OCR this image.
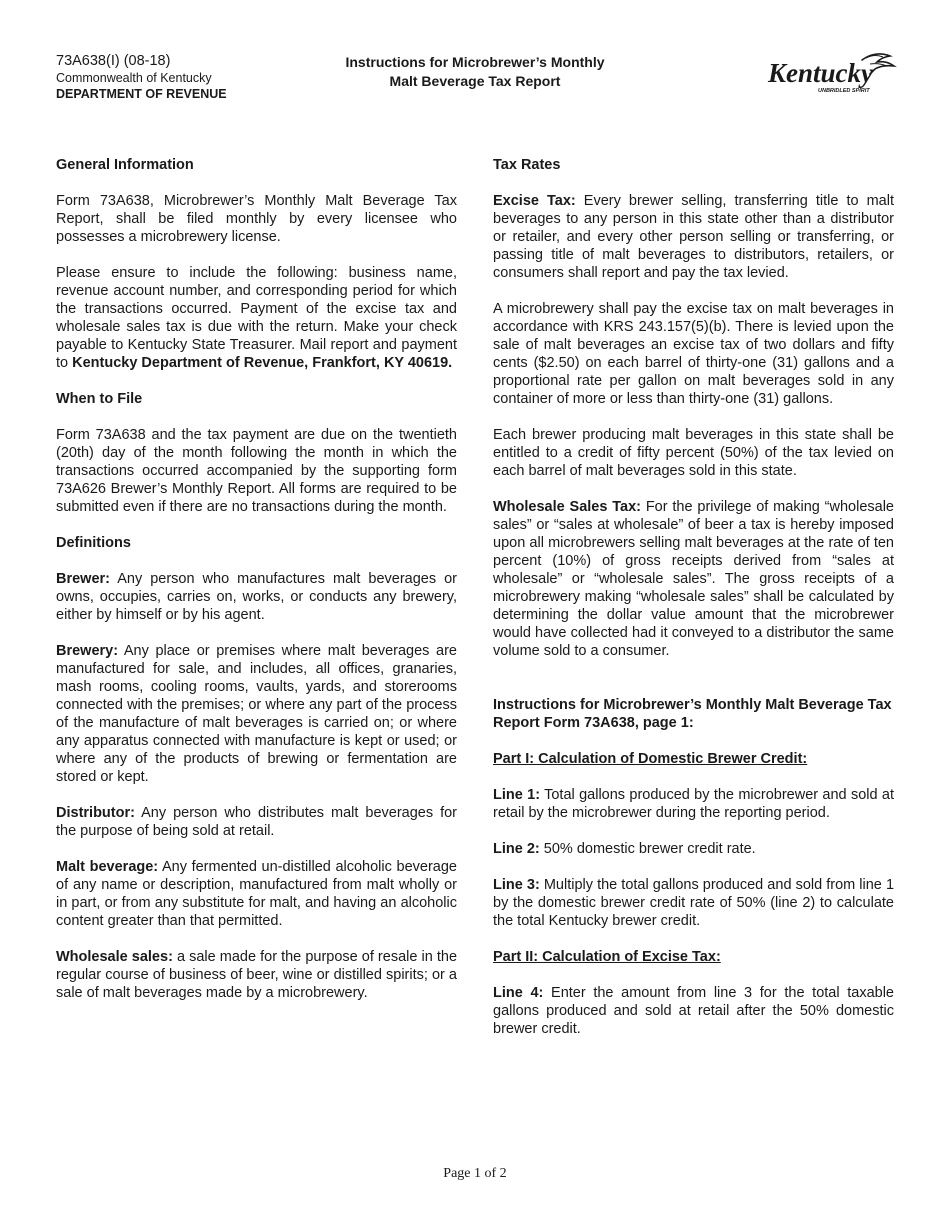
73A638(I) (08-18)
Commonwealth of Kentucky
DEPARTMENT OF REVENUE
Instructions for Microbrewer’s Monthly
Malt Beverage Tax Report	Kentucky
UNBRIDLED SPIRIT

General Information

Form 73A638, Microbrewer’s Monthly Malt Beverage Tax Report, shall be filed monthly by every licensee who possesses a microbrewery license.

Please ensure to include the following: business name, revenue account number, and corresponding period for which the transactions occurred. Payment of the excise tax and wholesale sales tax is due with the return. Make your check payable to Kentucky State Treasurer. Mail report and payment to Kentucky Department of Revenue, Frankfort, KY 40619.

When to File

Form 73A638 and the tax payment are due on the twentieth (20th) day of the month following the month in which the transactions occurred accompanied by the supporting form 73A626 Brewer’s Monthly Report. All forms are required to be submitted even if there are no transactions during the month.

Definitions

Brewer: Any person who manufactures malt beverages or owns, occupies, carries on, works, or conducts any brewery, either by himself or by his agent.

Brewery: Any place or premises where malt beverages are manufactured for sale, and includes, all offices, granaries, mash rooms, cooling rooms, vaults, yards, and storerooms connected with the premises; or where any part of the process of the manufacture of malt beverages is carried on; or where any apparatus connected with manufacture is kept or used; or where any of the products of brewing or fermentation are stored or kept.

Distributor: Any person who distributes malt beverages for the purpose of being sold at retail.

Malt beverage: Any fermented un-distilled alcoholic beverage of any name or description, manufactured from malt wholly or in part, or from any substitute for malt, and having an alcoholic content greater than that permitted.

Wholesale sales: a sale made for the purpose of resale in the regular course of business of beer, wine or distilled spirits; or a sale of malt beverages made by a microbrewery.

Tax Rates

Excise Tax: Every brewer selling, transferring title to malt beverages to any person in this state other than a distributor or retailer, and every other person selling or transferring, or passing title of malt beverages to distributors, retailers, or consumers shall report and pay the tax levied.

A microbrewery shall pay the excise tax on malt beverages in accordance with KRS 243.157(5)(b). There is levied upon the sale of malt beverages an excise tax of two dollars and fifty cents ($2.50) on each barrel of thirty-one (31) gallons and a proportional rate per gallon on malt beverages sold in any container of more or less than thirty-one (31) gallons.

Each brewer producing malt beverages in this state shall be entitled to a credit of fifty percent (50%) of the tax levied on each barrel of malt beverages sold in this state.

Wholesale Sales Tax: For the privilege of making “wholesale sales” or “sales at wholesale” of beer a tax is hereby imposed upon all microbrewers selling malt beverages at the rate of ten percent (10%) of gross receipts derived from “sales at wholesale” or “wholesale sales”. The gross receipts of a microbrewery making “wholesale sales” shall be calculated by determining the dollar value amount that the microbrewer would have collected had it conveyed to a distributor the same volume sold to a consumer.

Instructions for Microbrewer’s Monthly Malt Beverage Tax Report Form 73A638, page 1:

Part I: Calculation of Domestic Brewer Credit:

Line 1: Total gallons produced by the microbrewer and sold at retail by the microbrewer during the reporting period.

Line 2: 50% domestic brewer credit rate.

Line 3: Multiply the total gallons produced and sold from line 1 by the domestic brewer credit rate of 50% (line 2) to calculate the total Kentucky brewer credit.

Part II: Calculation of Excise Tax:

Line 4: Enter the amount from line 3 for the total taxable gallons produced and sold at retail after the 50% domestic brewer credit.

Page 1 of 2
